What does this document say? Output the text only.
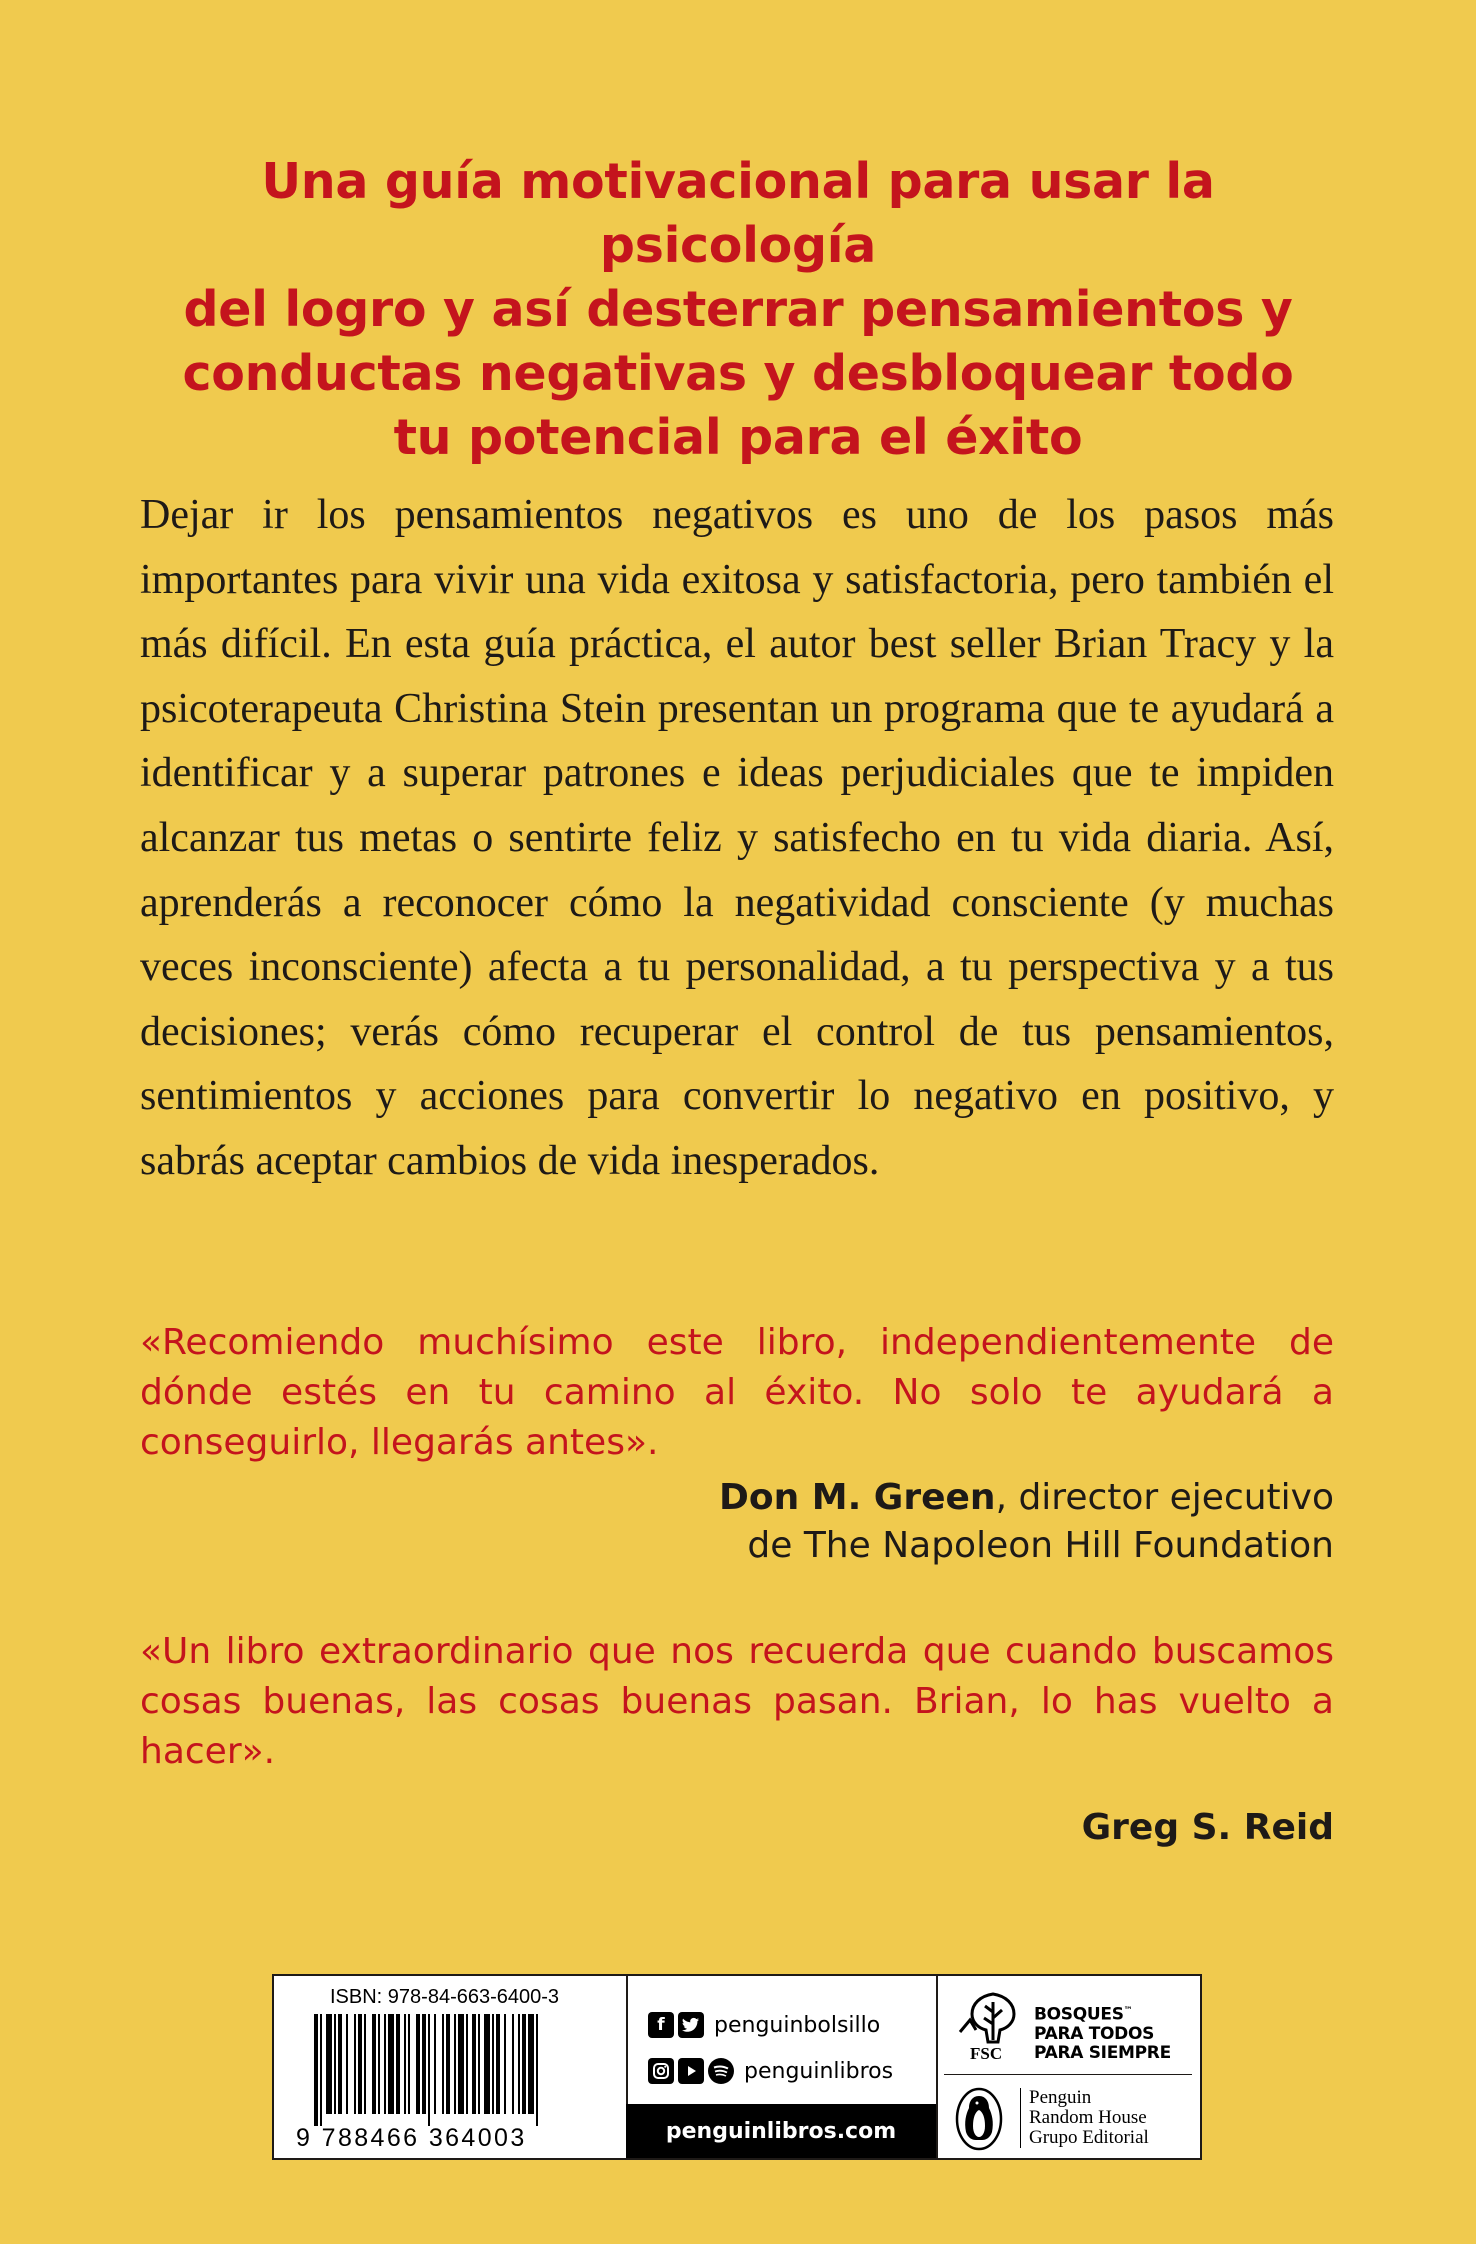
Una guía motivacional para usar la psicología
del logro y así desterrar pensamientos y
conductas negativas y desbloquear todo
tu potencial para el éxito
Dejar ir los pensamientos negativos es uno de los pasos más importantes para vivir una vida exitosa y satisfactoria, pero también el más difícil. En esta guía práctica, el autor best seller Brian Tracy y la psicoterapeuta Christina Stein presentan un programa que te ayudará a identificar y a superar patrones e ideas perjudiciales que te impiden alcanzar tus metas o sentirte feliz y satisfecho en tu vida diaria. Así, aprenderás a reconocer cómo la negatividad consciente (y muchas veces inconsciente) afecta a tu personalidad, a tu perspectiva y a tus decisiones; verás cómo recuperar el control de tus pensamientos, sentimientos y acciones para convertir lo negativo en positivo, y sabrás aceptar cambios de vida inesperados.
«Recomiendo muchísimo este libro, independientemente de dónde estés en tu camino al éxito. No solo te ayudará a conseguirlo, llegarás antes».
Don M. Green, director ejecutivo
de The Napoleon Hill Foundation
«Un libro extraordinario que nos recuerda que cuando buscamos cosas buenas, las cosas buenas pasan. Brian, lo has vuelto a hacer».
Greg S. Reid
ISBN: 978-84-663-6400-3
9 788466 364003
f	penguinbolsillo
penguinlibros
penguinlibros.com
FSC
BOSQUES™
PARA TODOS
PARA SIEMPRE
Penguin
Random House
Grupo Editorial
